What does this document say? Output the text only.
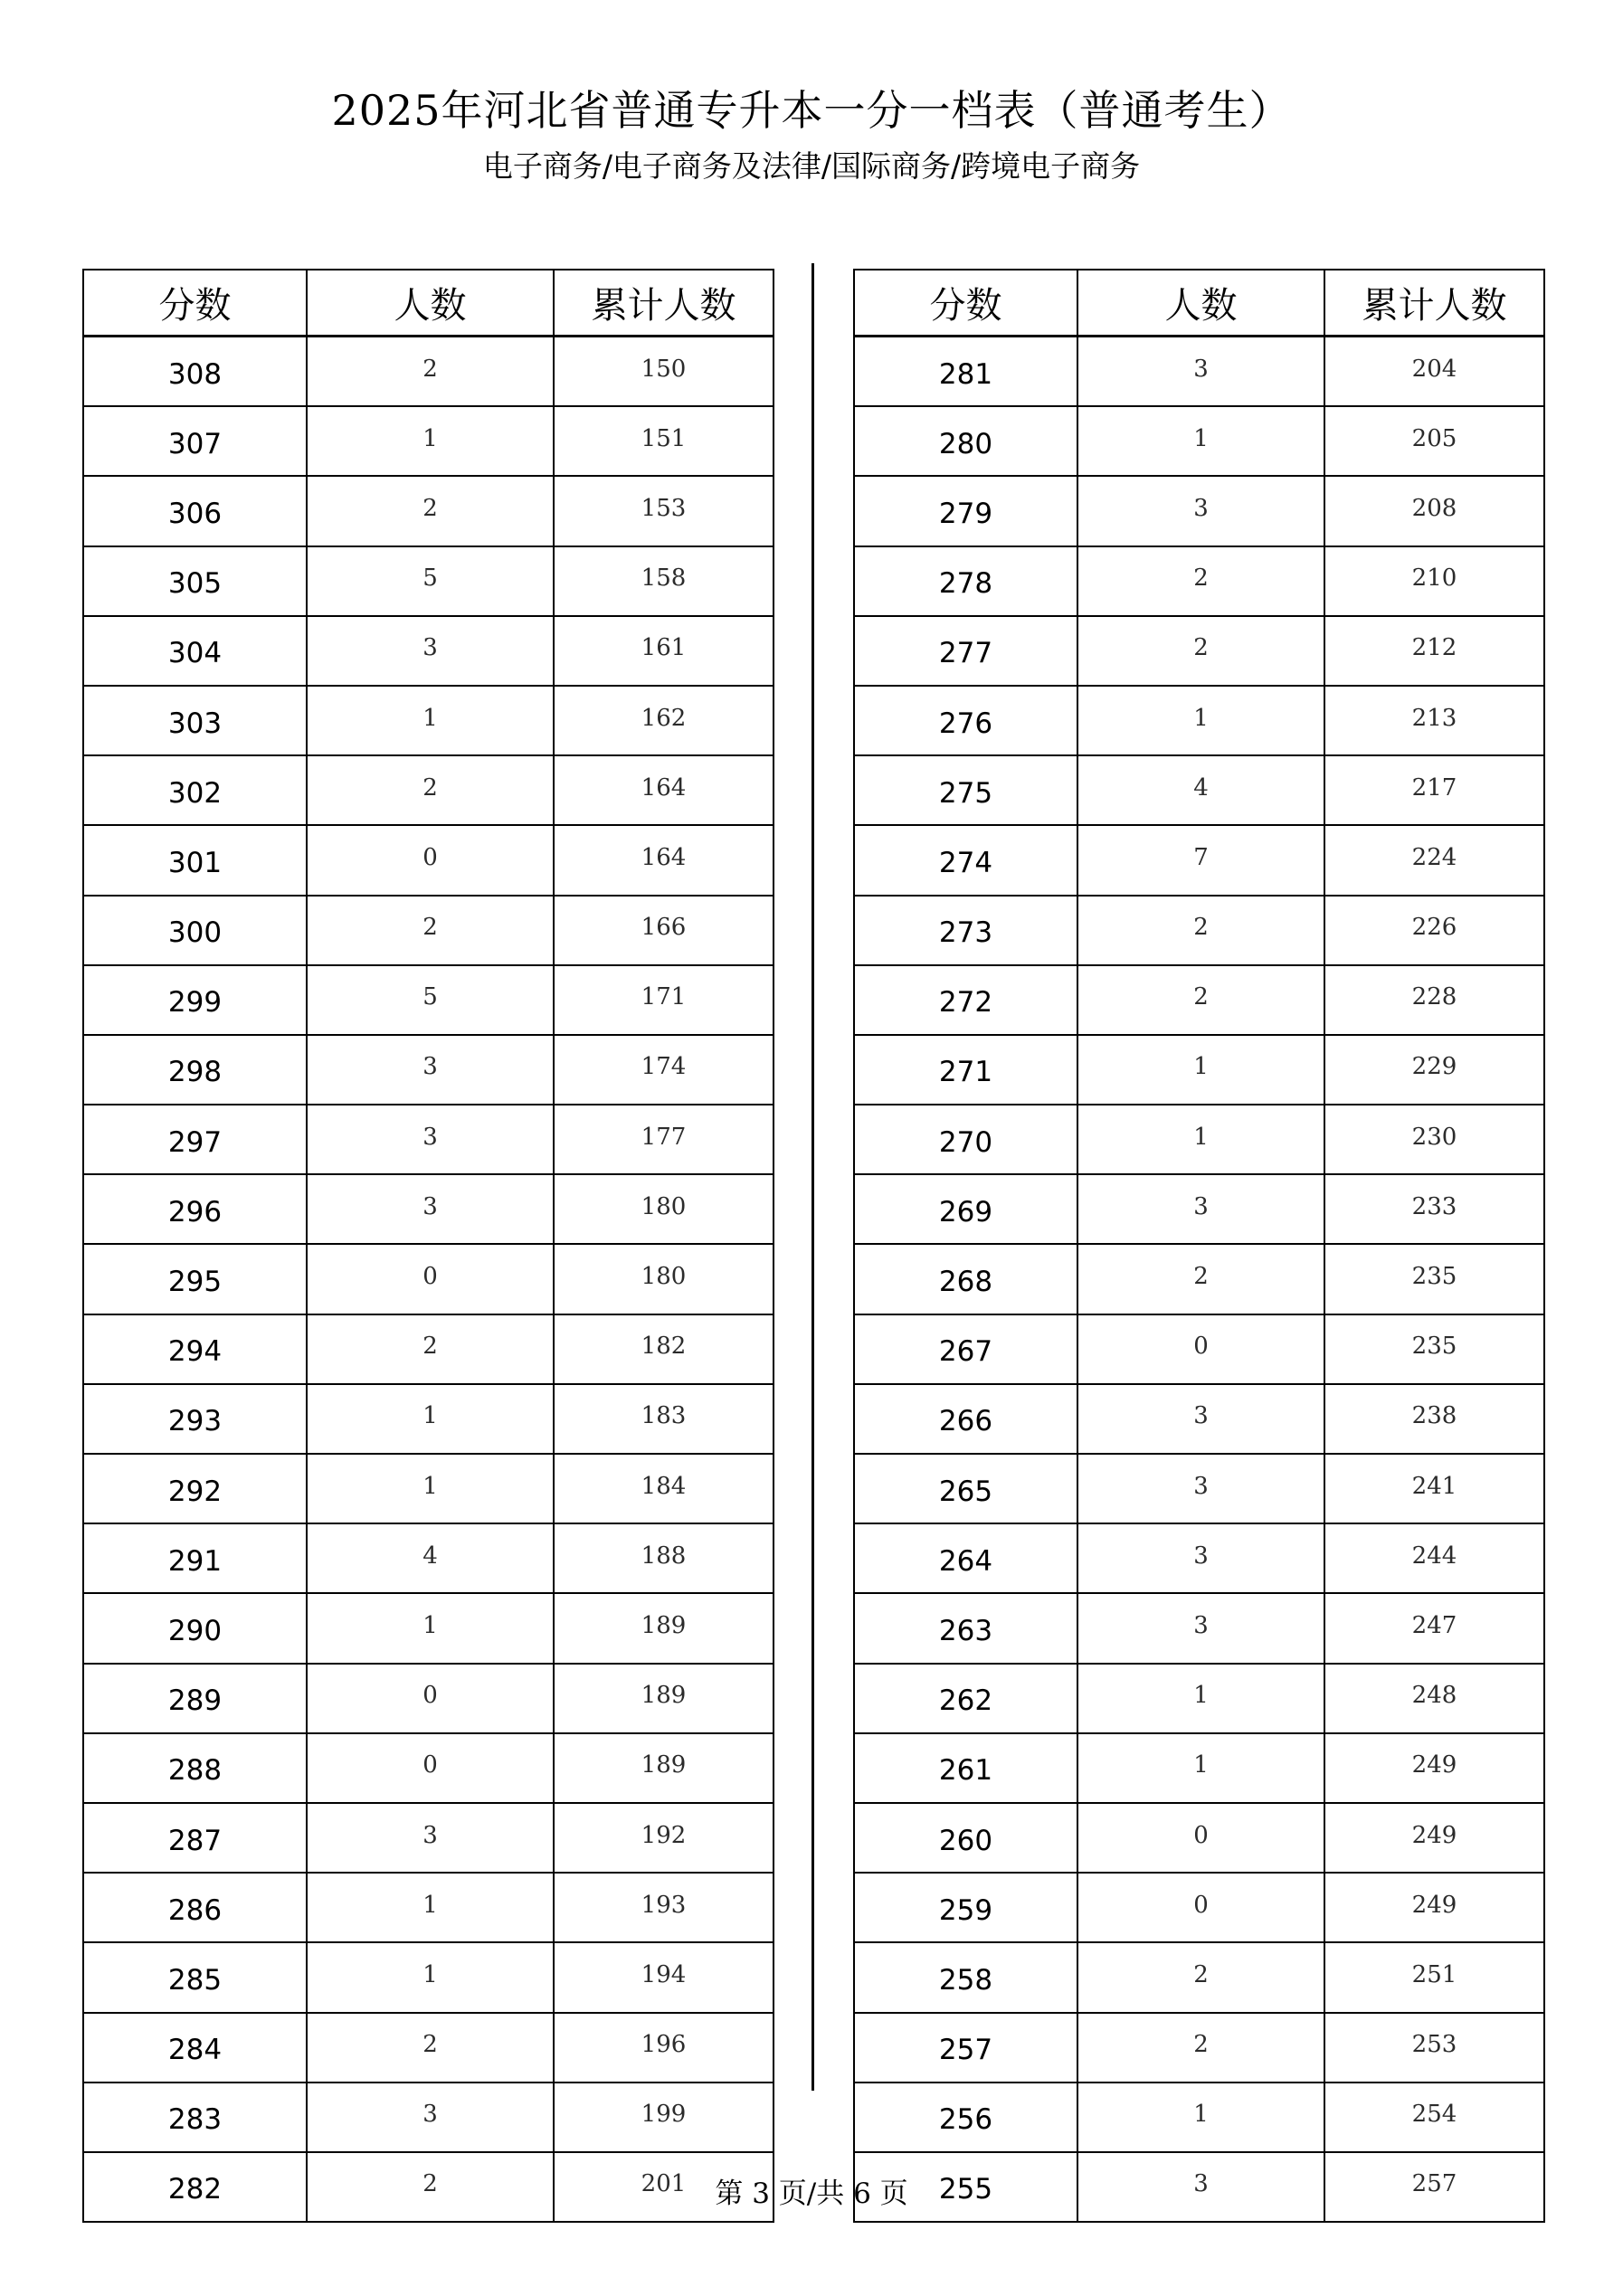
2025年河北省普通专升本一分一档表（普通考生）
电子商务/电子商务及法律/国际商务/跨境电子商务
分数	人数	累计人数
308	2	150
307	1	151
306	2	153
305	5	158
304	3	161
303	1	162
302	2	164
301	0	164
300	2	166
299	5	171
298	3	174
297	3	177
296	3	180
295	0	180
294	2	182
293	1	183
292	1	184
291	4	188
290	1	189
289	0	189
288	0	189
287	3	192
286	1	193
285	1	194
284	2	196
283	3	199
282	2	201
分数	人数	累计人数
281	3	204
280	1	205
279	3	208
278	2	210
277	2	212
276	1	213
275	4	217
274	7	224
273	2	226
272	2	228
271	1	229
270	1	230
269	3	233
268	2	235
267	0	235
266	3	238
265	3	241
264	3	244
263	3	247
262	1	248
261	1	249
260	0	249
259	0	249
258	2	251
257	2	253
256	1	254
255	3	257
第 3 页/共 6 页
